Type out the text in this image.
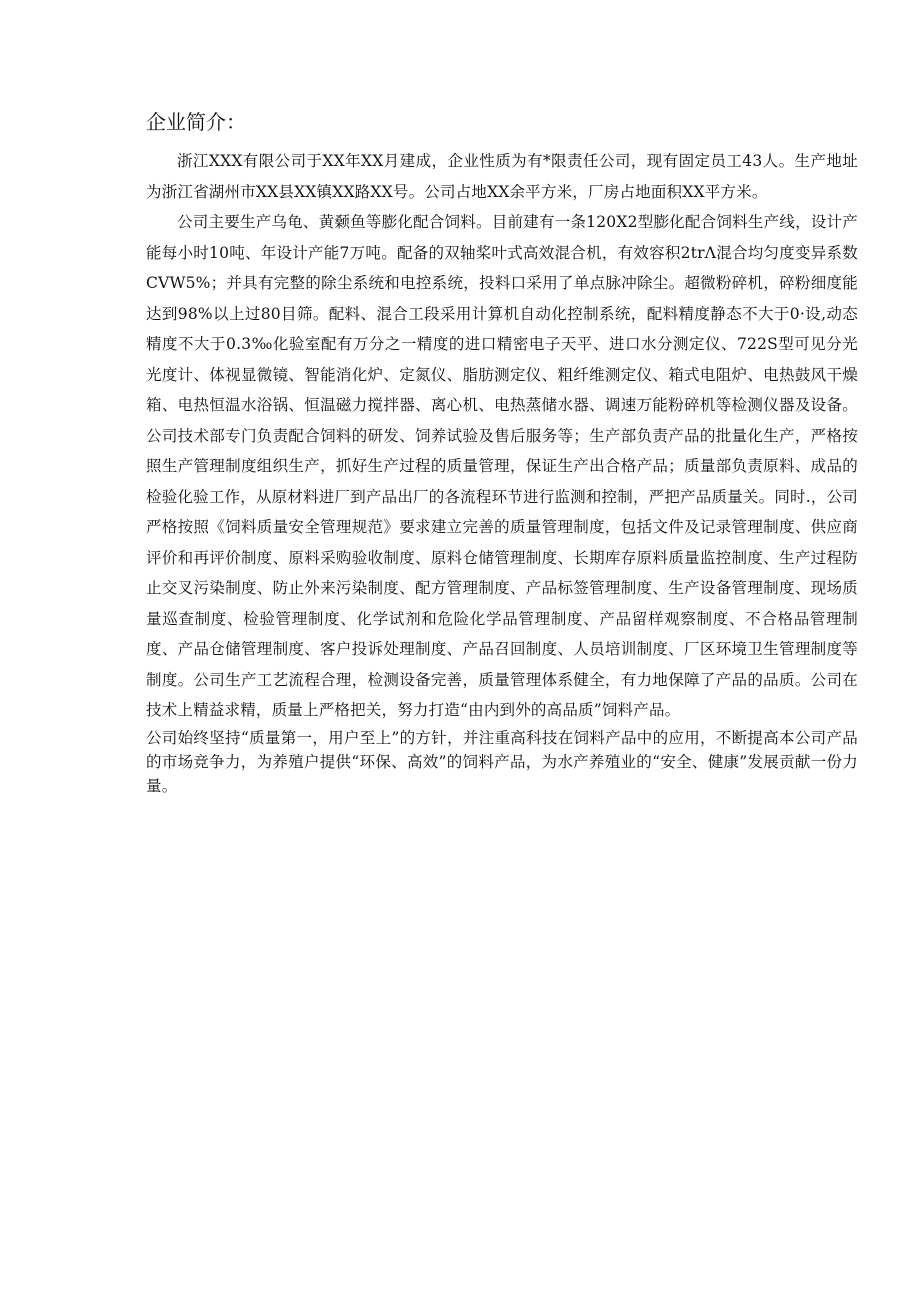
企业简介：

浙江XXX有限公司于XX年XX月建成，企业性质为有*限责任公司，现有固定员工43人。生产地址为浙江省湖州市XX县XX镇XX路XX号。公司占地XX余平方米，厂房占地面积XX平方米。

公司主要生产乌龟、黄颡鱼等膨化配合饲料。目前建有一条120X2型膨化配合饲料生产线，设计产能每小时10吨、年设计产能7万吨。配备的双轴桨叶式高效混合机，有效容积2trΛ混合均匀度变异系数CVW5%；并具有完整的除尘系统和电控系统，投料口采用了单点脉冲除尘。超微粉碎机，碎粉细度能达到98%以上过80目筛。配料、混合工段采用计算机自动化控制系统，配料精度静态不大于0·设,动态精度不大于0.3‰化验室配有万分之一精度的进口精密电子天平、进口水分测定仪、722S型可见分光光度计、体视显微镜、智能消化炉、定氮仪、脂肪测定仪、粗纤维测定仪、箱式电阻炉、电热鼓风干燥箱、电热恒温水浴锅、恒温磁力搅拌器、离心机、电热蒸储水器、调速万能粉碎机等检测仪器及设备。公司技术部专门负责配合饲料的研发、饲养试验及售后服务等；生产部负责产品的批量化生产，严格按照生产管理制度组织生产，抓好生产过程的质量管理，保证生产出合格产品；质量部负责原料、成品的检验化验工作，从原材料进厂到产品出厂的各流程环节进行监测和控制，严把产品质量关。同时.，公司严格按照《饲料质量安全管理规范》要求建立完善的质量管理制度，包括文件及记录管理制度、供应商评价和再评价制度、原料采购验收制度、原料仓储管理制度、长期库存原料质量监控制度、生产过程防止交叉污染制度、防止外来污染制度、配方管理制度、产品标签管理制度、生产设备管理制度、现场质量巡查制度、检验管理制度、化学试剂和危险化学品管理制度、产品留样观察制度、不合格品管理制度、产品仓储管理制度、客户投诉处理制度、产品召回制度、人员培训制度、厂区环境卫生管理制度等制度。公司生产工艺流程合理，检测设备完善，质量管理体系健全，有力地保障了产品的品质。公司在技术上精益求精，质量上严格把关，努力打造“由内到外的高品质”饲料产品。

公司始终坚持“质量第一，用户至上”的方针，并注重高科技在饲料产品中的应用，不断提高本公司产品的市场竞争力，为养殖户提供“环保、高效”的饲料产品，为水产养殖业的“安全、健康”发展贡献一份力量。
